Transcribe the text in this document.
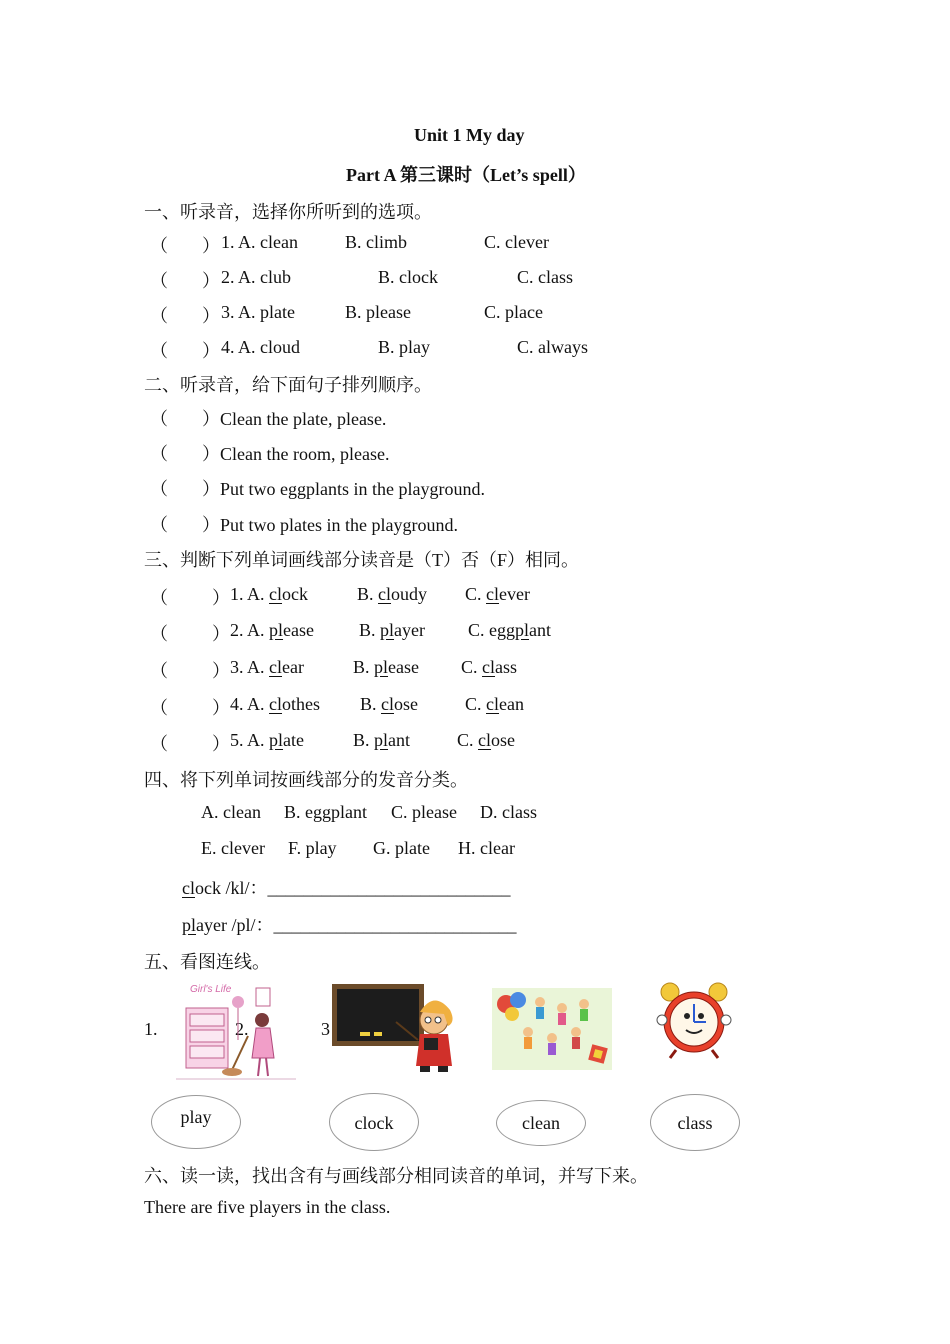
Unit 1 My day
Part A 第三课时（Let’s spell）
一、听录音，选择你所听到的选项。
（ ） 1. A. clean	B. climb	C. clever
（ ） 2. A. club	B. clock	C. class
（ ） 3. A. plate	B. please	C. place
（ ） 4. A. cloud	B. play	C. always
二、听录音，给下面句子排列顺序。
（ ）Clean the plate, please.
（ ）Clean the room, please.
（ ）Put two eggplants in the playground.
（ ）Put two plates in the playground.
三、判断下列单词画线部分读音是（T）否（F）相同。
（ ） 1. A. clock	B. cloudy C. clever
（ ） 2. A. please B. player C. eggplant
（ ） 3. A. clear	B. please C. class
（ ） 4. A. clothes B. close	C. clean
（ ） 5. A. plate	B. plant	C. close
四、将下列单词按画线部分的发音分类。
A. clean B. eggplant C. please D. class
E. clever F. play G. plate H. clear
clock /kl/：___________________________
player /pl/：___________________________
五、看图连线。
1.	2.	3
Girl's Life
play	clock	clean	class
六、读一读，找出含有与画线部分相同读音的单词，并写下来。
There are five players in the class.
